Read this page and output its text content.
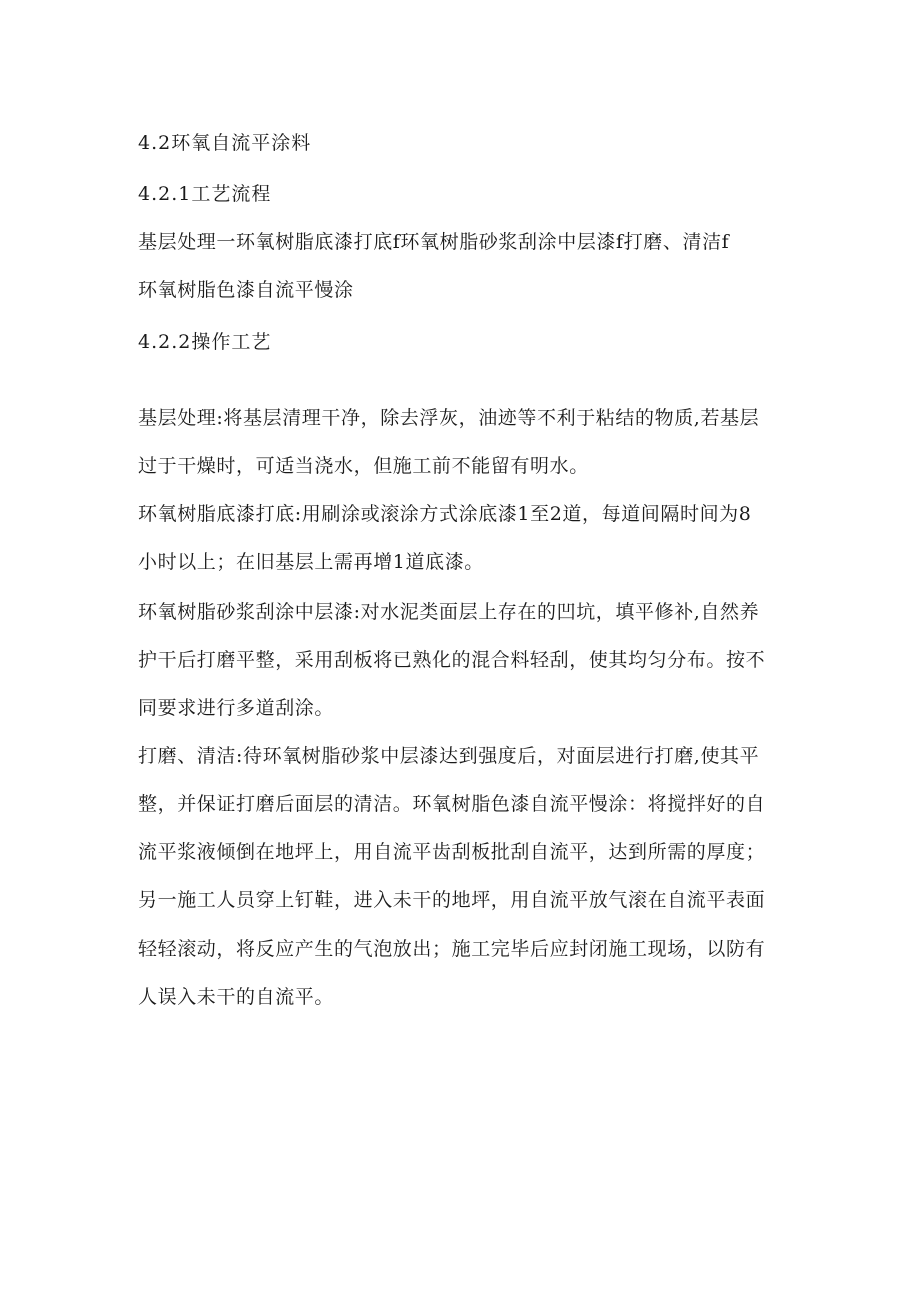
4.2环氧自流平涂料
4.2.1工艺流程
基层处理一环氧树脂底漆打底f环氧树脂砂浆刮涂中层漆f打磨、清洁f
环氧树脂色漆自流平慢涂
4.2.2操作工艺
基层处理:将基层清理干净，除去浮灰，油迹等不利于粘结的物质,若基层
过于干燥时，可适当浇水，但施工前不能留有明水。
环氧树脂底漆打底:用刷涂或滚涂方式涂底漆1至2道，每道间隔时间为8
小时以上；在旧基层上需再增1道底漆。
环氧树脂砂浆刮涂中层漆:对水泥类面层上存在的凹坑，填平修补,自然养
护干后打磨平整，采用刮板将已熟化的混合料轻刮，使其均匀分布。按不
同要求进行多道刮涂。
打磨、清洁:待环氧树脂砂浆中层漆达到强度后，对面层进行打磨,使其平
整，并保证打磨后面层的清洁。环氧树脂色漆自流平慢涂：将搅拌好的自
流平浆液倾倒在地坪上，用自流平齿刮板批刮自流平，达到所需的厚度；
另一施工人员穿上钉鞋，进入未干的地坪，用自流平放气滚在自流平表面
轻轻滚动，将反应产生的气泡放出；施工完毕后应封闭施工现场，以防有
人误入未干的自流平。
